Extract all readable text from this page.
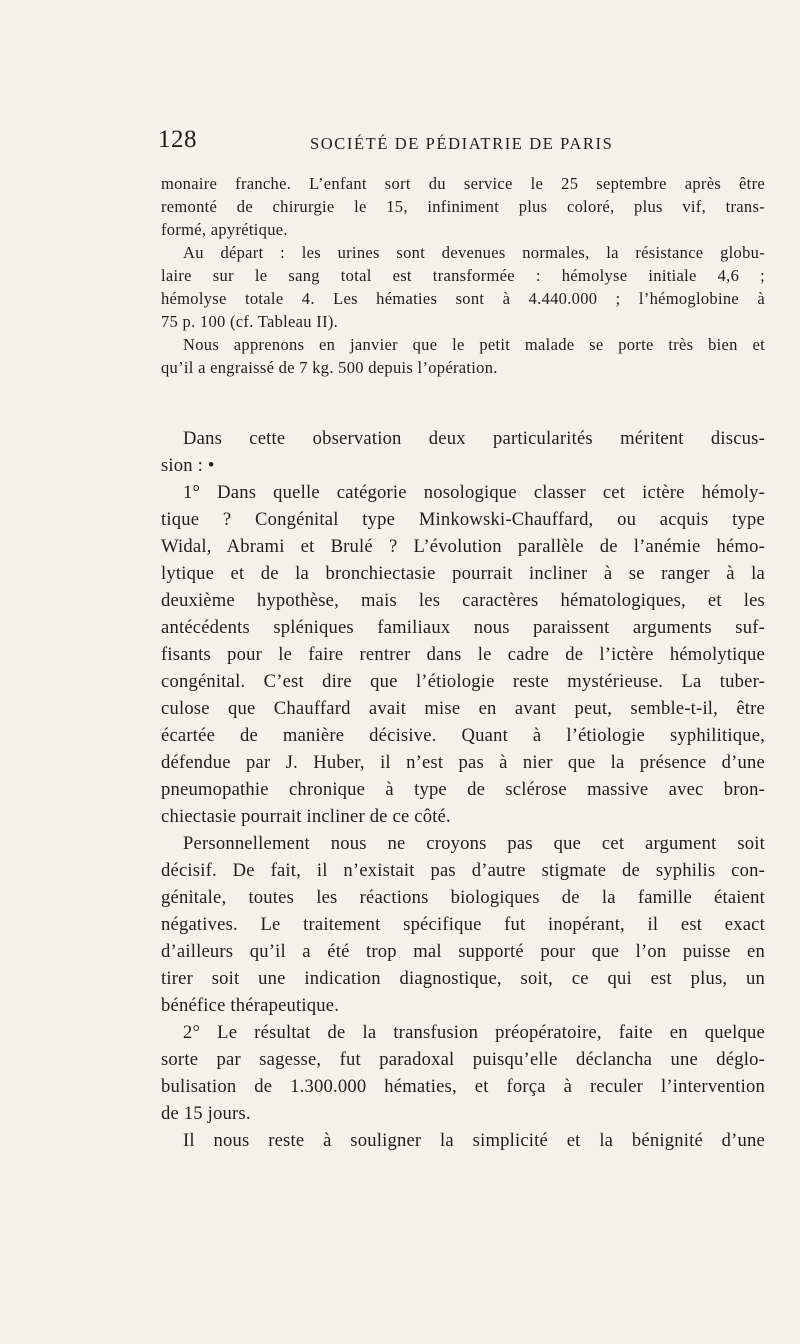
128	SOCIÉTÉ DE PÉDIATRIE DE PARIS
monaire franche. L’enfant sort du service le 25 septembre après être
remonté de chirurgie le 15, infiniment plus coloré, plus vif, trans-
formé, apyrétique.
Au départ : les urines sont devenues normales, la résistance globu-
laire sur le sang total est transformée : hémolyse initiale 4,6 ;
hémolyse totale 4. Les hématies sont à 4.440.000 ; l’hémoglobine à
75 p. 100 (cf. Tableau II).
Nous apprenons en janvier que le petit malade se porte très bien et
qu’il a engraissé de 7 kg. 500 depuis l’opération.
Dans cette observation deux particularités méritent discus-
sion : •
1° Dans quelle catégorie nosologique classer cet ictère hémoly-
tique ? Congénital type Minkowski-Chauffard, ou acquis type
Widal, Abrami et Brulé ? L’évolution parallèle de l’anémie hémo-
lytique et de la bronchiectasie pourrait incliner à se ranger à la
deuxième hypothèse, mais les caractères hématologiques, et les
antécédents spléniques familiaux nous paraissent arguments suf-
fisants pour le faire rentrer dans le cadre de l’ictère hémolytique
congénital. C’est dire que l’étiologie reste mystérieuse. La tuber-
culose que Chauffard avait mise en avant peut, semble-t-il, être
écartée de manière décisive. Quant à l’étiologie syphilitique,
défendue par J. Huber, il n’est pas à nier que la présence d’une
pneumopathie chronique à type de sclérose massive avec bron-
chiectasie pourrait incliner de ce côté.
Personnellement nous ne croyons pas que cet argument soit
décisif. De fait, il n’existait pas d’autre stigmate de syphilis con-
génitale, toutes les réactions biologiques de la famille étaient
négatives. Le traitement spécifique fut inopérant, il est exact
d’ailleurs qu’il a été trop mal supporté pour que l’on puisse en
tirer soit une indication diagnostique, soit, ce qui est plus, un
bénéfice thérapeutique.
2° Le résultat de la transfusion préopératoire, faite en quelque
sorte par sagesse, fut paradoxal puisqu’elle déclancha une déglo-
bulisation de 1.300.000 hématies, et força à reculer l’intervention
de 15 jours.
Il nous reste à souligner la simplicité et la bénignité d’une
